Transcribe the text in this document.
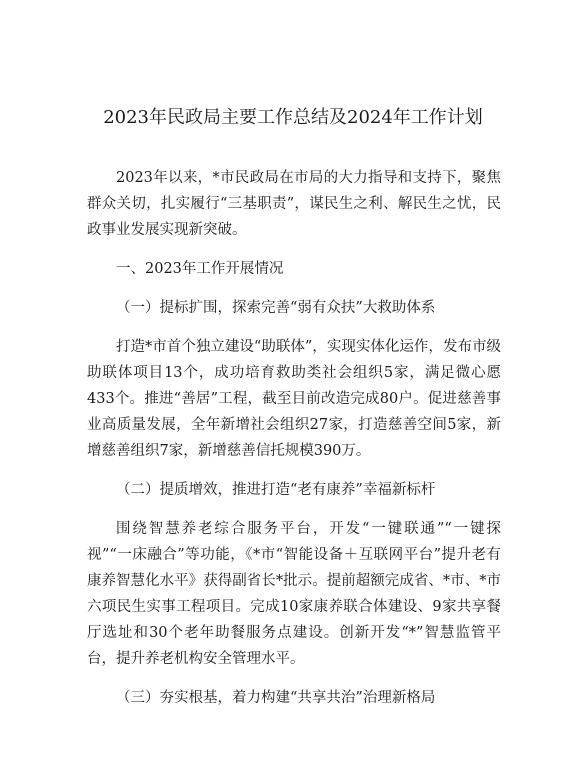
2023年民政局主要工作总结及2024年工作计划

2023年以来，*市民政局在市局的大力指导和支持下，聚焦群众关切，扎实履行“三基职责”，谋民生之利、解民生之忧，民政事业发展实现新突破。

一、2023年工作开展情况

（一）提标扩围，探索完善“弱有众扶”大救助体系

打造*市首个独立建设“助联体”，实现实体化运作，发布市级助联体项目13个，成功培育救助类社会组织5家，满足微心愿433个。推进“善居”工程，截至目前改造完成80户。促进慈善事业高质量发展，全年新增社会组织27家，打造慈善空间5家，新增慈善组织7家，新增慈善信托规模390万。

（二）提质增效，推进打造“老有康养”幸福新标杆

围绕智慧养老综合服务平台，开发“一键联通”“一键探视”“一床融合”等功能，《*市“智能设备＋互联网平台”提升老有康养智慧化水平》获得副省长*批示。提前超额完成省、*市、*市六项民生实事工程项目。完成10家康养联合体建设、9家共享餐厅选址和30个老年助餐服务点建设。创新开发“*”智慧监管平台，提升养老机构安全管理水平。

（三）夯实根基，着力构建“共享共治”治理新格局
